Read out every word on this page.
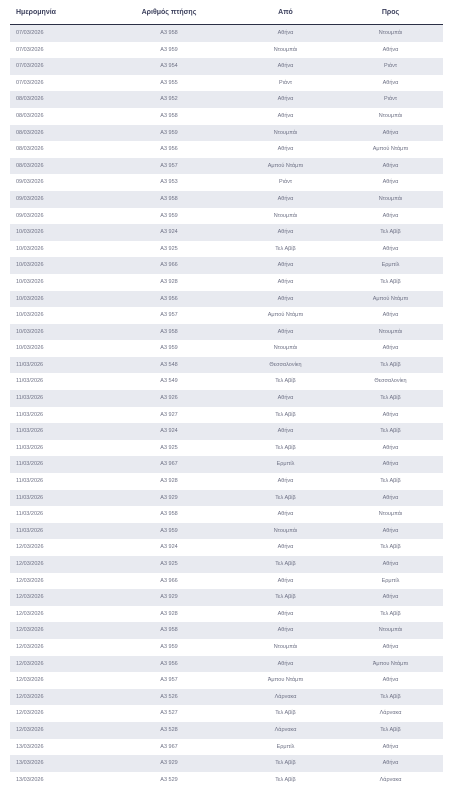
Ημερομηνία	Αριθμός πτήσης	Από	Προς
07/03/2026	A3 958	Αθήνα	Ντουμπάι
07/03/2026	A3 959	Ντουμπάι	Αθήνα
07/03/2026	A3 954	Αθήνα	Ριάντ
07/03/2026	A3 955	Ριάντ	Αθήνα
08/03/2026	A3 952	Αθήνα	Ριάντ
08/03/2026	A3 958	Αθήνα	Ντουμπάι
08/03/2026	A3 959	Ντουμπάι	Αθήνα
08/03/2026	A3 956	Αθήνα	Αμπού Ντάμπι
08/03/2026	A3 957	Αμπού Ντάμπι	Αθήνα
09/03/2026	A3 953	Ριάντ	Αθήνα
09/03/2026	A3 958	Αθήνα	Ντουμπάι
09/03/2026	A3 959	Ντουμπάι	Αθήνα
10/03/2026	A3 924	Αθήνα	Τελ Αβίβ
10/03/2026	A3 925	Τελ Αβίβ	Αθήνα
10/03/2026	A3 966	Αθήνα	Ερμπίλ
10/03/2026	A3 928	Αθήνα	Τελ Αβίβ
10/03/2026	A3 956	Αθήνα	Αμπού Ντάμπι
10/03/2026	A3 957	Αμπού Ντάμπι	Αθήνα
10/03/2026	A3 958	Αθήνα	Ντουμπάι
10/03/2026	A3 959	Ντουμπάι	Αθήνα
11/03/2026	A3 548	Θεσσαλονίκη	Τελ Αβίβ
11/03/2026	A3 549	Τελ Αβίβ	Θεσσαλονίκη
11/03/2026	A3 926	Αθήνα	Τελ Αβίβ
11/03/2026	A3 927	Τελ Αβίβ	Αθήνα
11/03/2026	A3 924	Αθήνα	Τελ Αβίβ
11/03/2026	A3 925	Τελ Αβίβ	Αθήνα
11/03/2026	A3 967	Ερμπίλ	Αθήνα
11/03/2026	A3 928	Αθήνα	Τελ Αβίβ
11/03/2026	A3 929	Τελ Αβίβ	Αθήνα
11/03/2026	A3 958	Αθήνα	Ντουμπάι
11/03/2026	A3 959	Ντουμπάι	Αθήνα
12/03/2026	A3 924	Αθήνα	Τελ Αβίβ
12/03/2026	A3 925	Τελ Αβίβ	Αθήνα
12/03/2026	A3 966	Αθήνα	Ερμπίλ
12/03/2026	A3 929	Τελ Αβίβ	Αθήνα
12/03/2026	A3 928	Αθήνα	Τελ Αβίβ
12/03/2026	A3 958	Αθήνα	Ντουμπάι
12/03/2026	A3 959	Ντουμπάι	Αθήνα
12/03/2026	A3 956	Αθήνα	Άμπου Ντάμπι
12/03/2026	A3 957	Άμπου Ντάμπι	Αθήνα
12/03/2026	A3 526	Λάρνακα	Τελ Αβίβ
12/03/2026	A3 527	Τελ Αβίβ	Λάρνακα
12/03/2026	A3 528	Λάρνακα	Τελ Αβίβ
13/03/2026	A3 967	Ερμπίλ	Αθήνα
13/03/2026	A3 929	Τελ Αβίβ	Αθήνα
13/03/2026	A3 529	Τελ Αβίβ	Λάρνακα
